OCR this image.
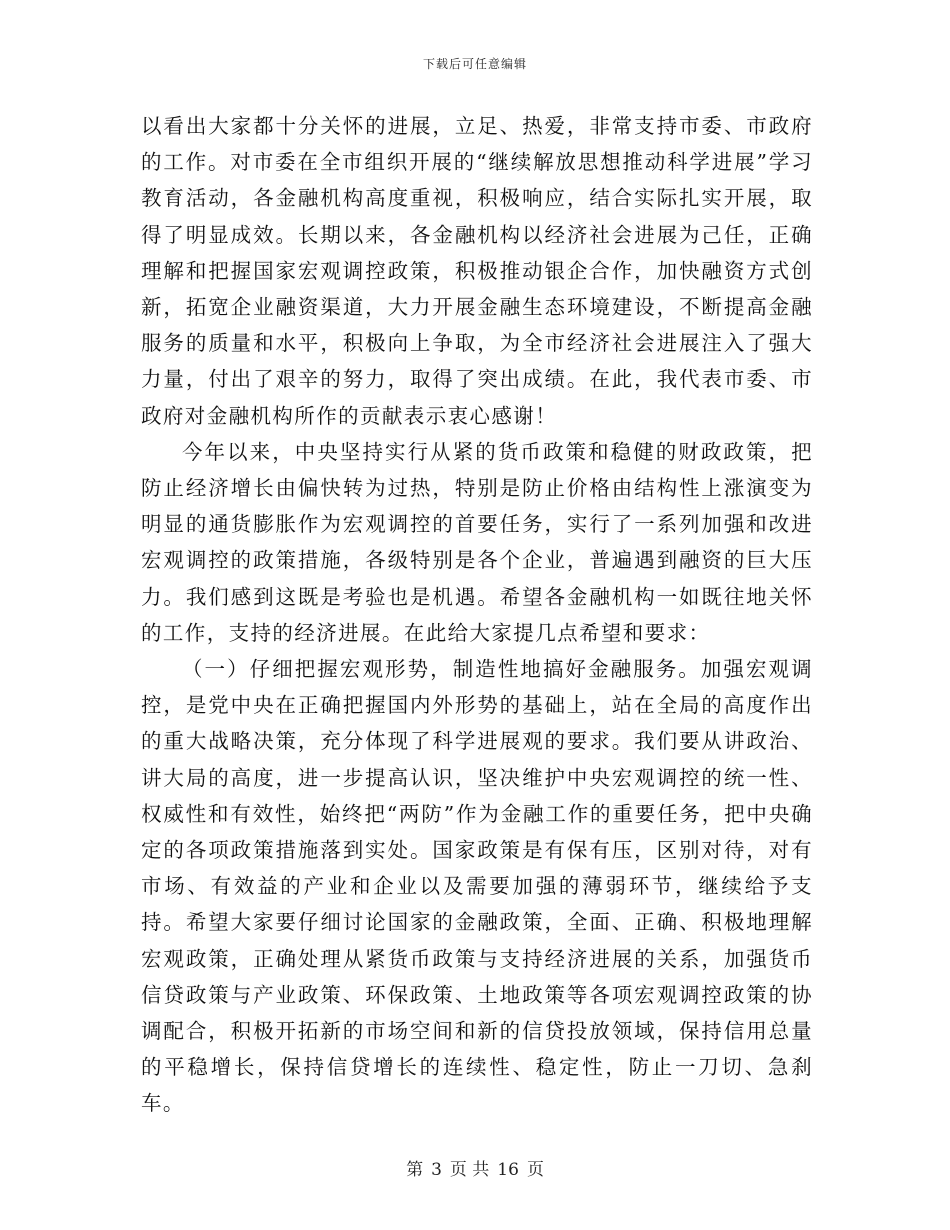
下载后可任意编辑

以看出大家都十分关怀的进展，立足、热爱，非常支持市委、市政府的工作。对市委在全市组织开展的“继续解放思想推动科学进展”学习教育活动，各金融机构高度重视，积极响应，结合实际扎实开展，取得了明显成效。长期以来，各金融机构以经济社会进展为己任，正确理解和把握国家宏观调控政策，积极推动银企合作，加快融资方式创新，拓宽企业融资渠道，大力开展金融生态环境建设，不断提高金融服务的质量和水平，积极向上争取，为全市经济社会进展注入了强大力量，付出了艰辛的努力，取得了突出成绩。在此，我代表市委、市政府对金融机构所作的贡献表示衷心感谢！

今年以来，中央坚持实行从紧的货币政策和稳健的财政政策，把防止经济增长由偏快转为过热，特别是防止价格由结构性上涨演变为明显的通货膨胀作为宏观调控的首要任务，实行了一系列加强和改进宏观调控的政策措施，各级特别是各个企业，普遍遇到融资的巨大压力。我们感到这既是考验也是机遇。希望各金融机构一如既往地关怀的工作，支持的经济进展。在此给大家提几点希望和要求：

（一）仔细把握宏观形势，制造性地搞好金融服务。加强宏观调控，是党中央在正确把握国内外形势的基础上，站在全局的高度作出的重大战略决策，充分体现了科学进展观的要求。我们要从讲政治、讲大局的高度，进一步提高认识，坚决维护中央宏观调控的统一性、权威性和有效性，始终把“两防”作为金融工作的重要任务，把中央确定的各项政策措施落到实处。国家政策是有保有压，区别对待，对有市场、有效益的产业和企业以及需要加强的薄弱环节，继续给予支持。希望大家要仔细讨论国家的金融政策，全面、正确、积极地理解宏观政策，正确处理从紧货币政策与支持经济进展的关系，加强货币信贷政策与产业政策、环保政策、土地政策等各项宏观调控政策的协调配合，积极开拓新的市场空间和新的信贷投放领域，保持信用总量的平稳增长，保持信贷增长的连续性、稳定性，防止一刀切、急刹车。

第 3 页 共 16 页
